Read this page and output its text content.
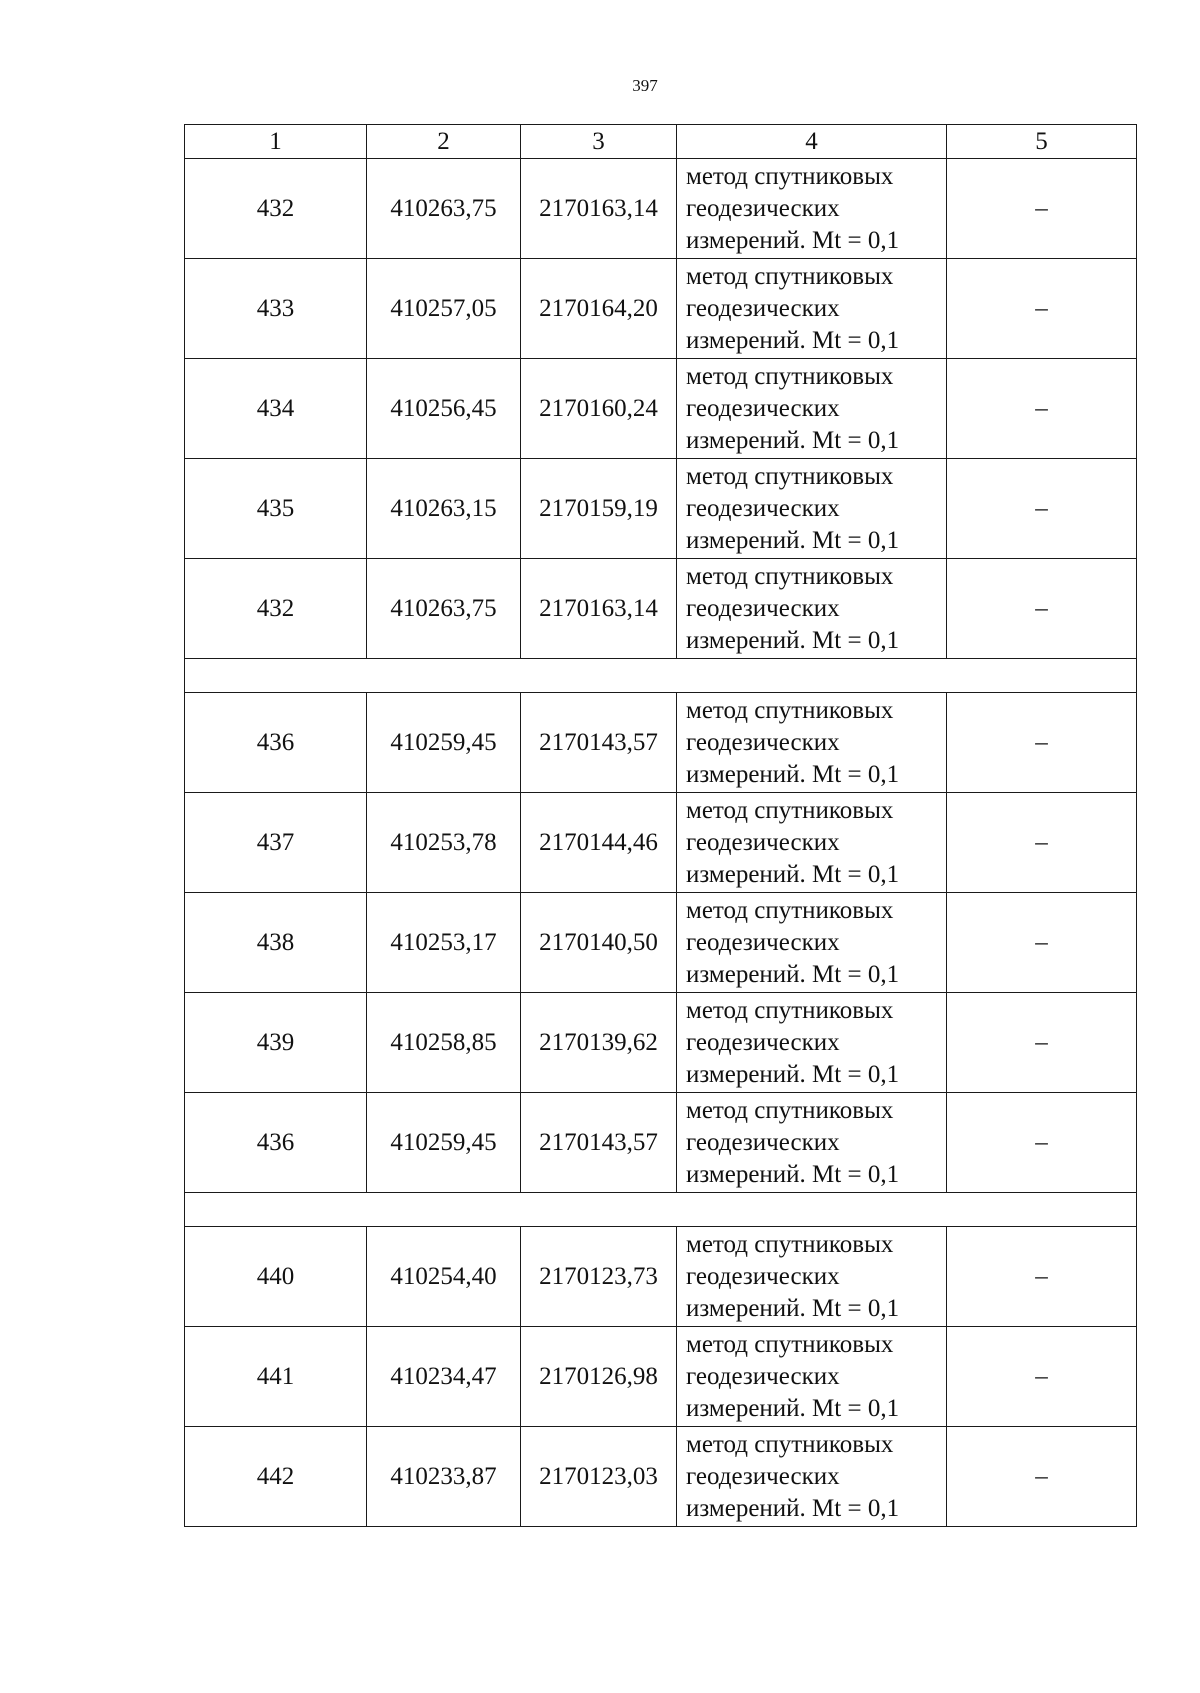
397
1	2	3	4	5
432	410263,75	2170163,14	метод спутниковых
геодезических
измерений. Mt = 0,1	–
433	410257,05	2170164,20	метод спутниковых
геодезических
измерений. Mt = 0,1	–
434	410256,45	2170160,24	метод спутниковых
геодезических
измерений. Mt = 0,1	–
435	410263,15	2170159,19	метод спутниковых
геодезических
измерений. Mt = 0,1	–
432	410263,75	2170163,14	метод спутниковых
геодезических
измерений. Mt = 0,1	–

436	410259,45	2170143,57	метод спутниковых
геодезических
измерений. Mt = 0,1	–
437	410253,78	2170144,46	метод спутниковых
геодезических
измерений. Mt = 0,1	–
438	410253,17	2170140,50	метод спутниковых
геодезических
измерений. Mt = 0,1	–
439	410258,85	2170139,62	метод спутниковых
геодезических
измерений. Mt = 0,1	–
436	410259,45	2170143,57	метод спутниковых
геодезических
измерений. Mt = 0,1	–

440	410254,40	2170123,73	метод спутниковых
геодезических
измерений. Mt = 0,1	–
441	410234,47	2170126,98	метод спутниковых
геодезических
измерений. Mt = 0,1	–
442	410233,87	2170123,03	метод спутниковых
геодезических
измерений. Mt = 0,1	–
